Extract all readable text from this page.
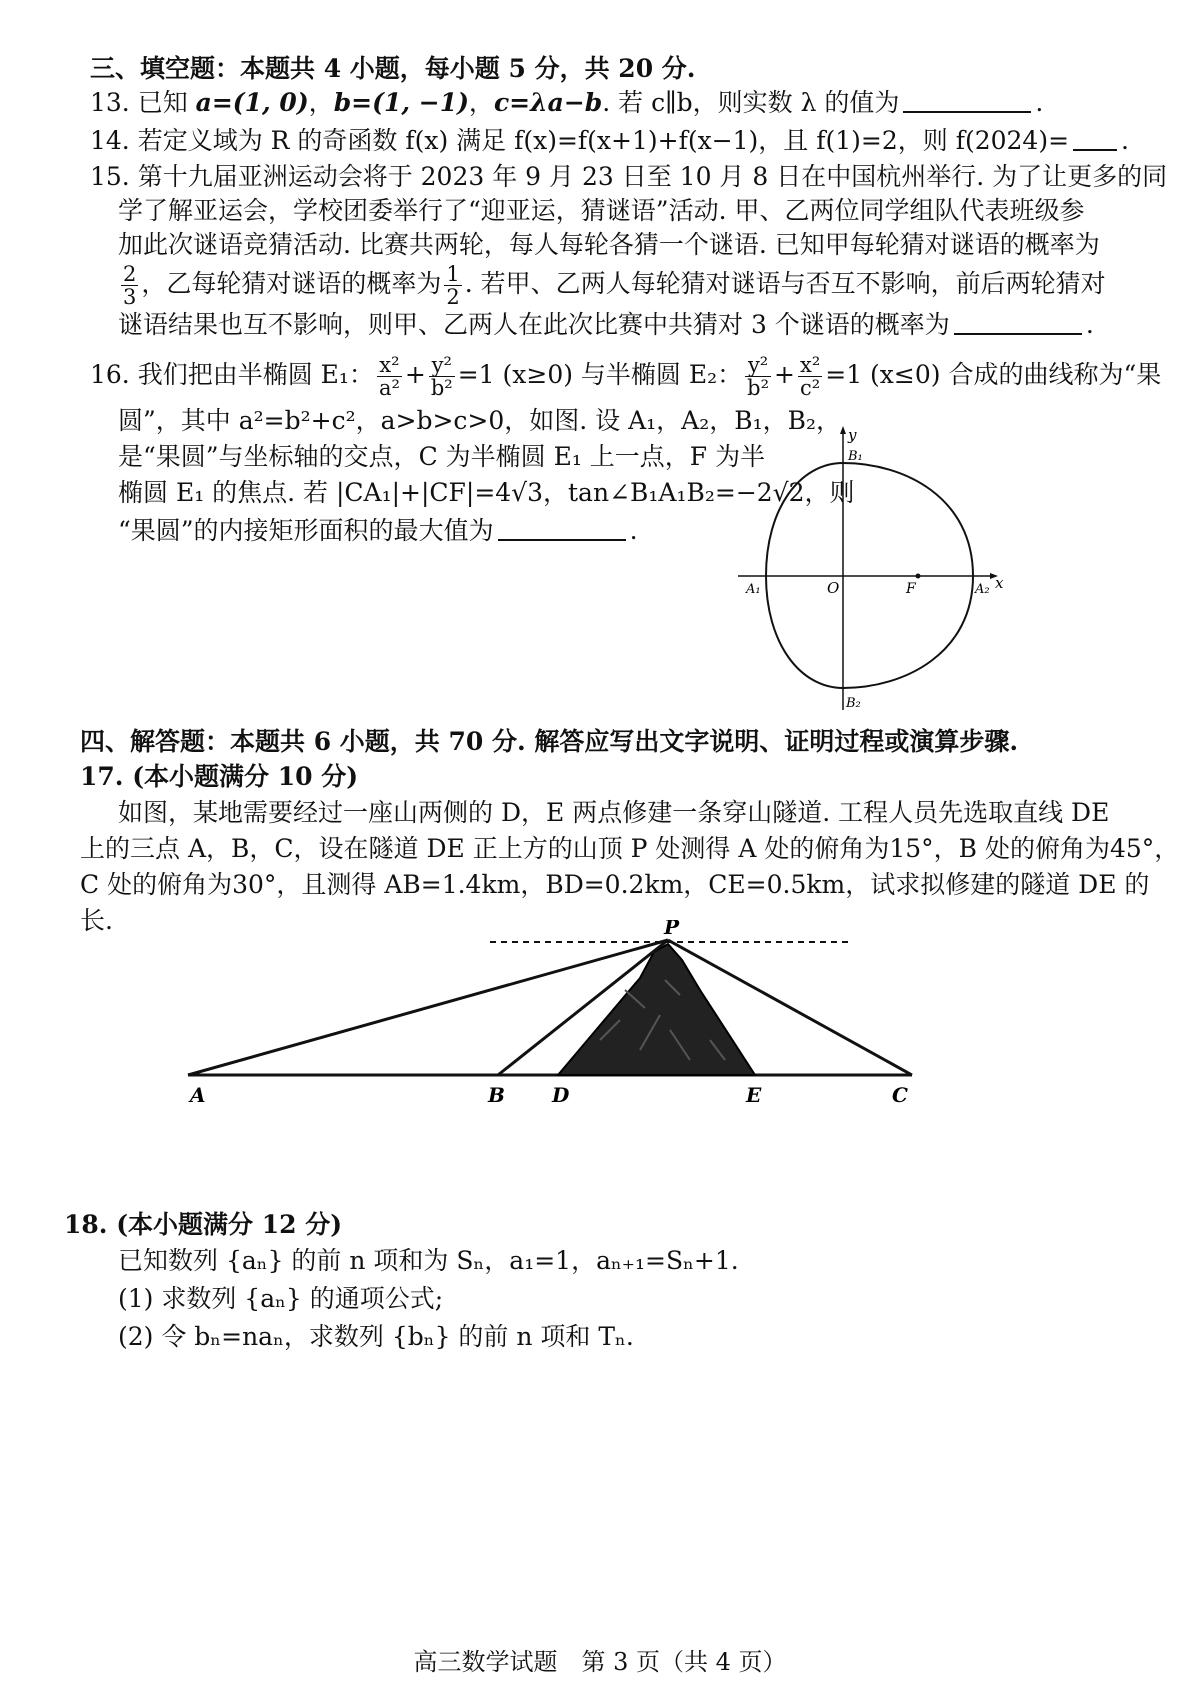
三、填空题：本题共 4 小题，每小题 5 分，共 20 分.
13. 已知 a=(1, 0)，b=(1, −1)，c=λa−b. 若 c∥b，则实数 λ 的值为	.
14. 若定义域为 R 的奇函数 f(x) 满足 f(x)=f(x+1)+f(x−1)，且 f(1)=2，则 f(2024)= .
15. 第十九届亚洲运动会将于 2023 年 9 月 23 日至 10 月 8 日在中国杭州举行. 为了让更多的同
学了解亚运会，学校团委举行了“迎亚运，猜谜语”活动. 甲、乙两位同学组队代表班级参
加此次谜语竞猜活动. 比赛共两轮，每人每轮各猜一个谜语. 已知甲每轮猜对谜语的概率为
$\frac{2}{3}$ ，乙每轮猜对谜语的概率为 $\frac{1}{2}$ . 若甲、乙两人每轮猜对谜语与否互不影响，前后两轮猜对
谜语结果也互不影响，则甲、乙两人在此次比赛中共猜对 3 个谜语的概率为	.
16. 我们把由半椭圆 E₁： $\frac{\text{x²}}{\text{a²}} + \frac{\text{y²}}{\text{b²}} =1$ (x≥0) 与半椭圆 E₂： $\frac{\text{y²}}{\text{b²}} + \frac{\text{x²}}{\text{c²}} =1$ (x≤0) 合成的曲线称为“果
圆”，其中 a²=b²+c²，a>b>c>0，如图. 设 A₁，A₂，B₁，B₂，
是“果圆”与坐标轴的交点，C 为半椭圆 E₁ 上一点，F 为半
椭圆 E₁ 的焦点. 若 |CA₁|+|CF|=4√3，tan∠B₁A₁B₂=−2√2，则
“果圆”的内接矩形面积的最大值为	.
y
x
O
B₁
B₂
A₁	A₂
F
四、解答题：本题共 6 小题，共 70 分. 解答应写出文字说明、证明过程或演算步骤.
17. (本小题满分 10 分)
如图，某地需要经过一座山两侧的 D，E 两点修建一条穿山隧道. 工程人员先选取直线 DE
上的三点 A，B，C，设在隧道 DE 正上方的山顶 P 处测得 A 处的俯角为15°，B 处的俯角为45°，
C 处的俯角为30°，且测得 AB=1.4km，BD=0.2km，CE=0.5km，试求拟修建的隧道 DE 的
长.	P
A	B D	E	C
18. (本小题满分 12 分)
已知数列 {aₙ} 的前 n 项和为 Sₙ，a₁=1，aₙ₊₁=Sₙ+1.
(1) 求数列 {aₙ} 的通项公式;
(2) 令 bₙ=naₙ，求数列 {bₙ} 的前 n 项和 Tₙ.
高三数学试题　第 3 页（共 4 页）
